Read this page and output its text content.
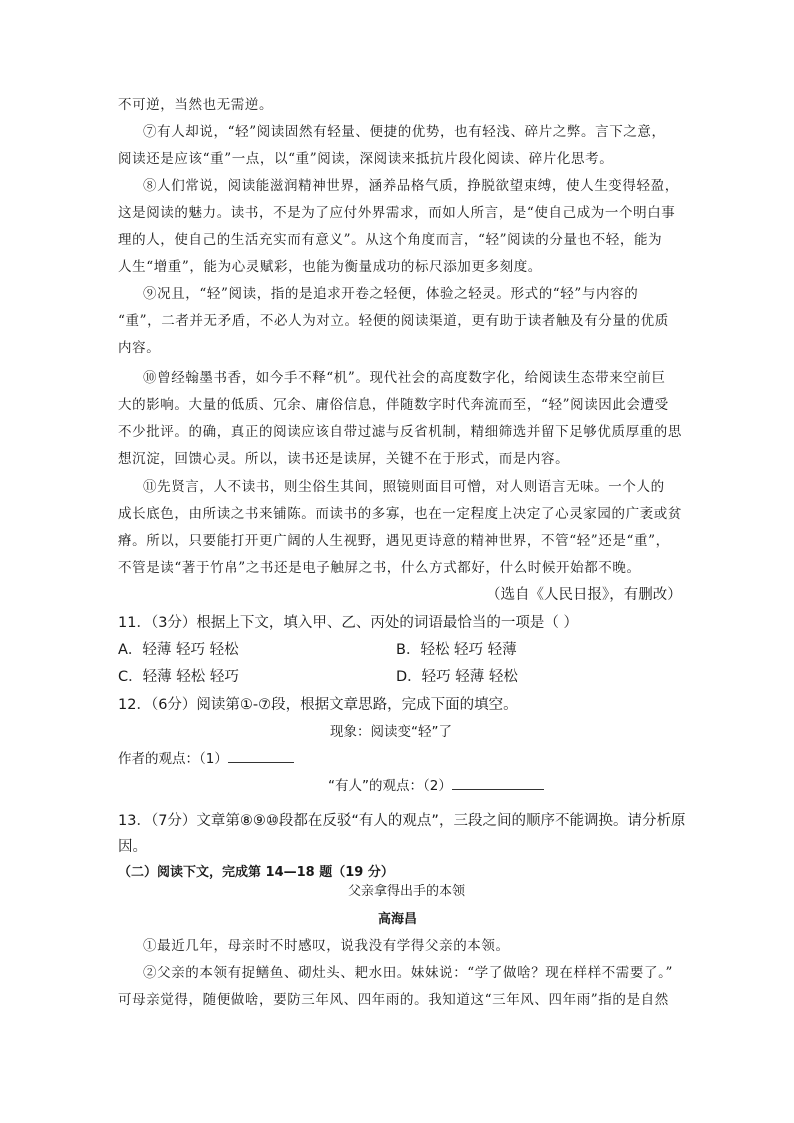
不可逆，当然也无需逆。
⑦有人却说，“轻”阅读固然有轻量、便捷的优势，也有轻浅、碎片之弊。言下之意，
阅读还是应该“重”一点，以“重”阅读，深阅读来抵抗片段化阅读、碎片化思考。
⑧人们常说，阅读能滋润精神世界，涵养品格气质，挣脱欲望束缚，使人生变得轻盈，
这是阅读的魅力。读书，不是为了应付外界需求，而如人所言，是“使自己成为一个明白事
理的人，使自己的生活充实而有意义”。从这个角度而言，“轻”阅读的分量也不轻，能为
人生“增重”，能为心灵赋彩，也能为衡量成功的标尺添加更多刻度。
⑨况且，“轻”阅读，指的是追求开卷之轻便，体验之轻灵。形式的“轻”与内容的
“重”，二者并无矛盾，不必人为对立。轻便的阅读渠道，更有助于读者触及有分量的优质
内容。
⑩曾经翰墨书香，如今手不释“机”。现代社会的高度数字化，给阅读生态带来空前巨
大的影响。大量的低质、冗余、庸俗信息，伴随数字时代奔流而至，“轻”阅读因此会遭受
不少批评。的确，真正的阅读应该自带过滤与反省机制，精细筛选并留下足够优质厚重的思
想沉淀，回馈心灵。所以，读书还是读屏，关键不在于形式，而是内容。
⑪先贤言，人不读书，则尘俗生其间，照镜则面目可憎，对人则语言无味。一个人的
成长底色，由所读之书来铺陈。而读书的多寡，也在一定程度上决定了心灵家园的广袤或贫
瘠。所以，只要能打开更广阔的人生视野，遇见更诗意的精神世界，不管“轻”还是“重”，
不管是读“著于竹帛”之书还是电子触屏之书，什么方式都好，什么时候开始都不晚。
（选自《人民日报》，有删改）
11．（3分）根据上下文，填入甲、乙、丙处的词语最恰当的一项是（ ）
A．轻薄 轻巧 轻松	B．轻松 轻巧 轻薄
C．轻薄 轻松 轻巧	D．轻巧 轻薄 轻松
12．（6分）阅读第①-⑦段，根据文章思路，完成下面的填空。
现象：阅读变“轻”了
作者的观点：（1）
“有人”的观点：（2）
13．（7分）文章第⑧⑨⑩段都在反驳“有人的观点”，三段之间的顺序不能调换。请分析原
因。
（二）阅读下文，完成第 14—18 题（19 分）
父亲拿得出手的本领
高海昌
①最近几年，母亲时不时感叹，说我没有学得父亲的本领。
②父亲的本领有捉鳝鱼、砌灶头、耙水田。妹妹说：“学了做啥？现在样样不需要了。”
可母亲觉得，随便做啥，要防三年风、四年雨的。我知道这“三年风、四年雨”指的是自然
